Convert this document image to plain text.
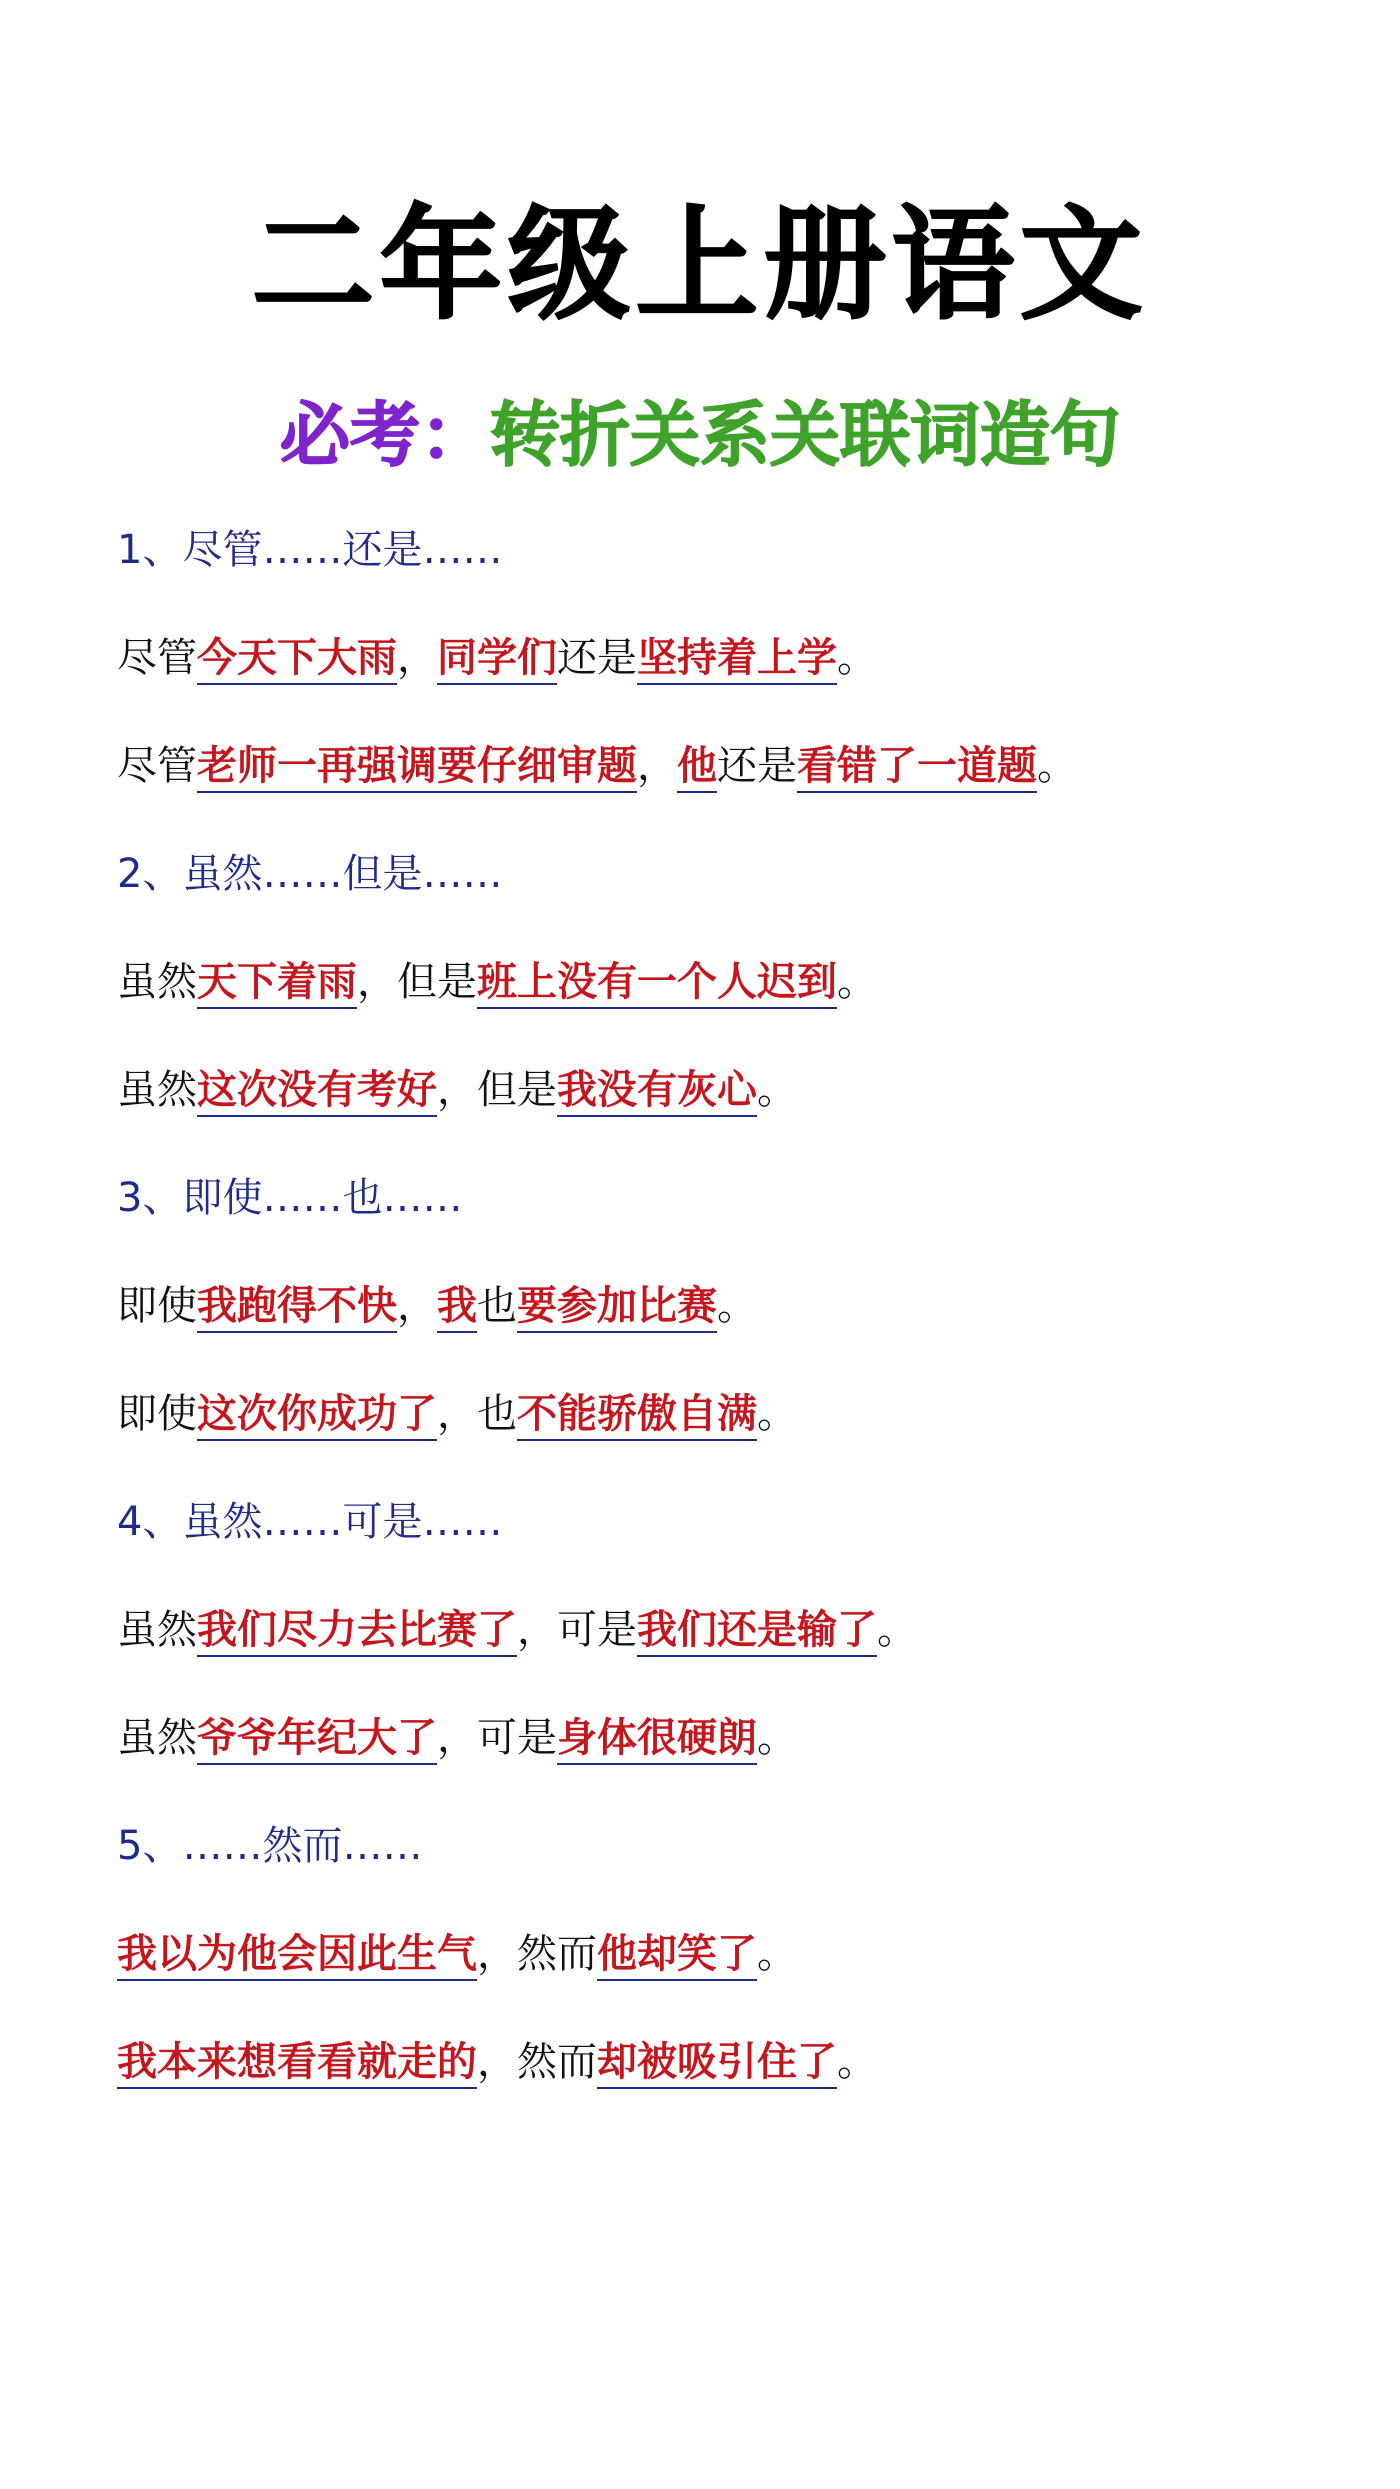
二年级上册语文
必考：转折关系关联词造句
1、尽管……还是……
尽管今天下大雨，同学们还是坚持着上学。
尽管老师一再强调要仔细审题，他还是看错了一道题。
2、虽然……但是……
虽然天下着雨，但是班上没有一个人迟到。
虽然这次没有考好，但是我没有灰心。
3、即使……也……
即使我跑得不快，我也要参加比赛。
即使这次你成功了，也不能骄傲自满。
4、虽然……可是……
虽然我们尽力去比赛了，可是我们还是输了。
虽然爷爷年纪大了，可是身体很硬朗。
5、……然而……
我以为他会因此生气，然而他却笑了。
我本来想看看就走的，然而却被吸引住了。
